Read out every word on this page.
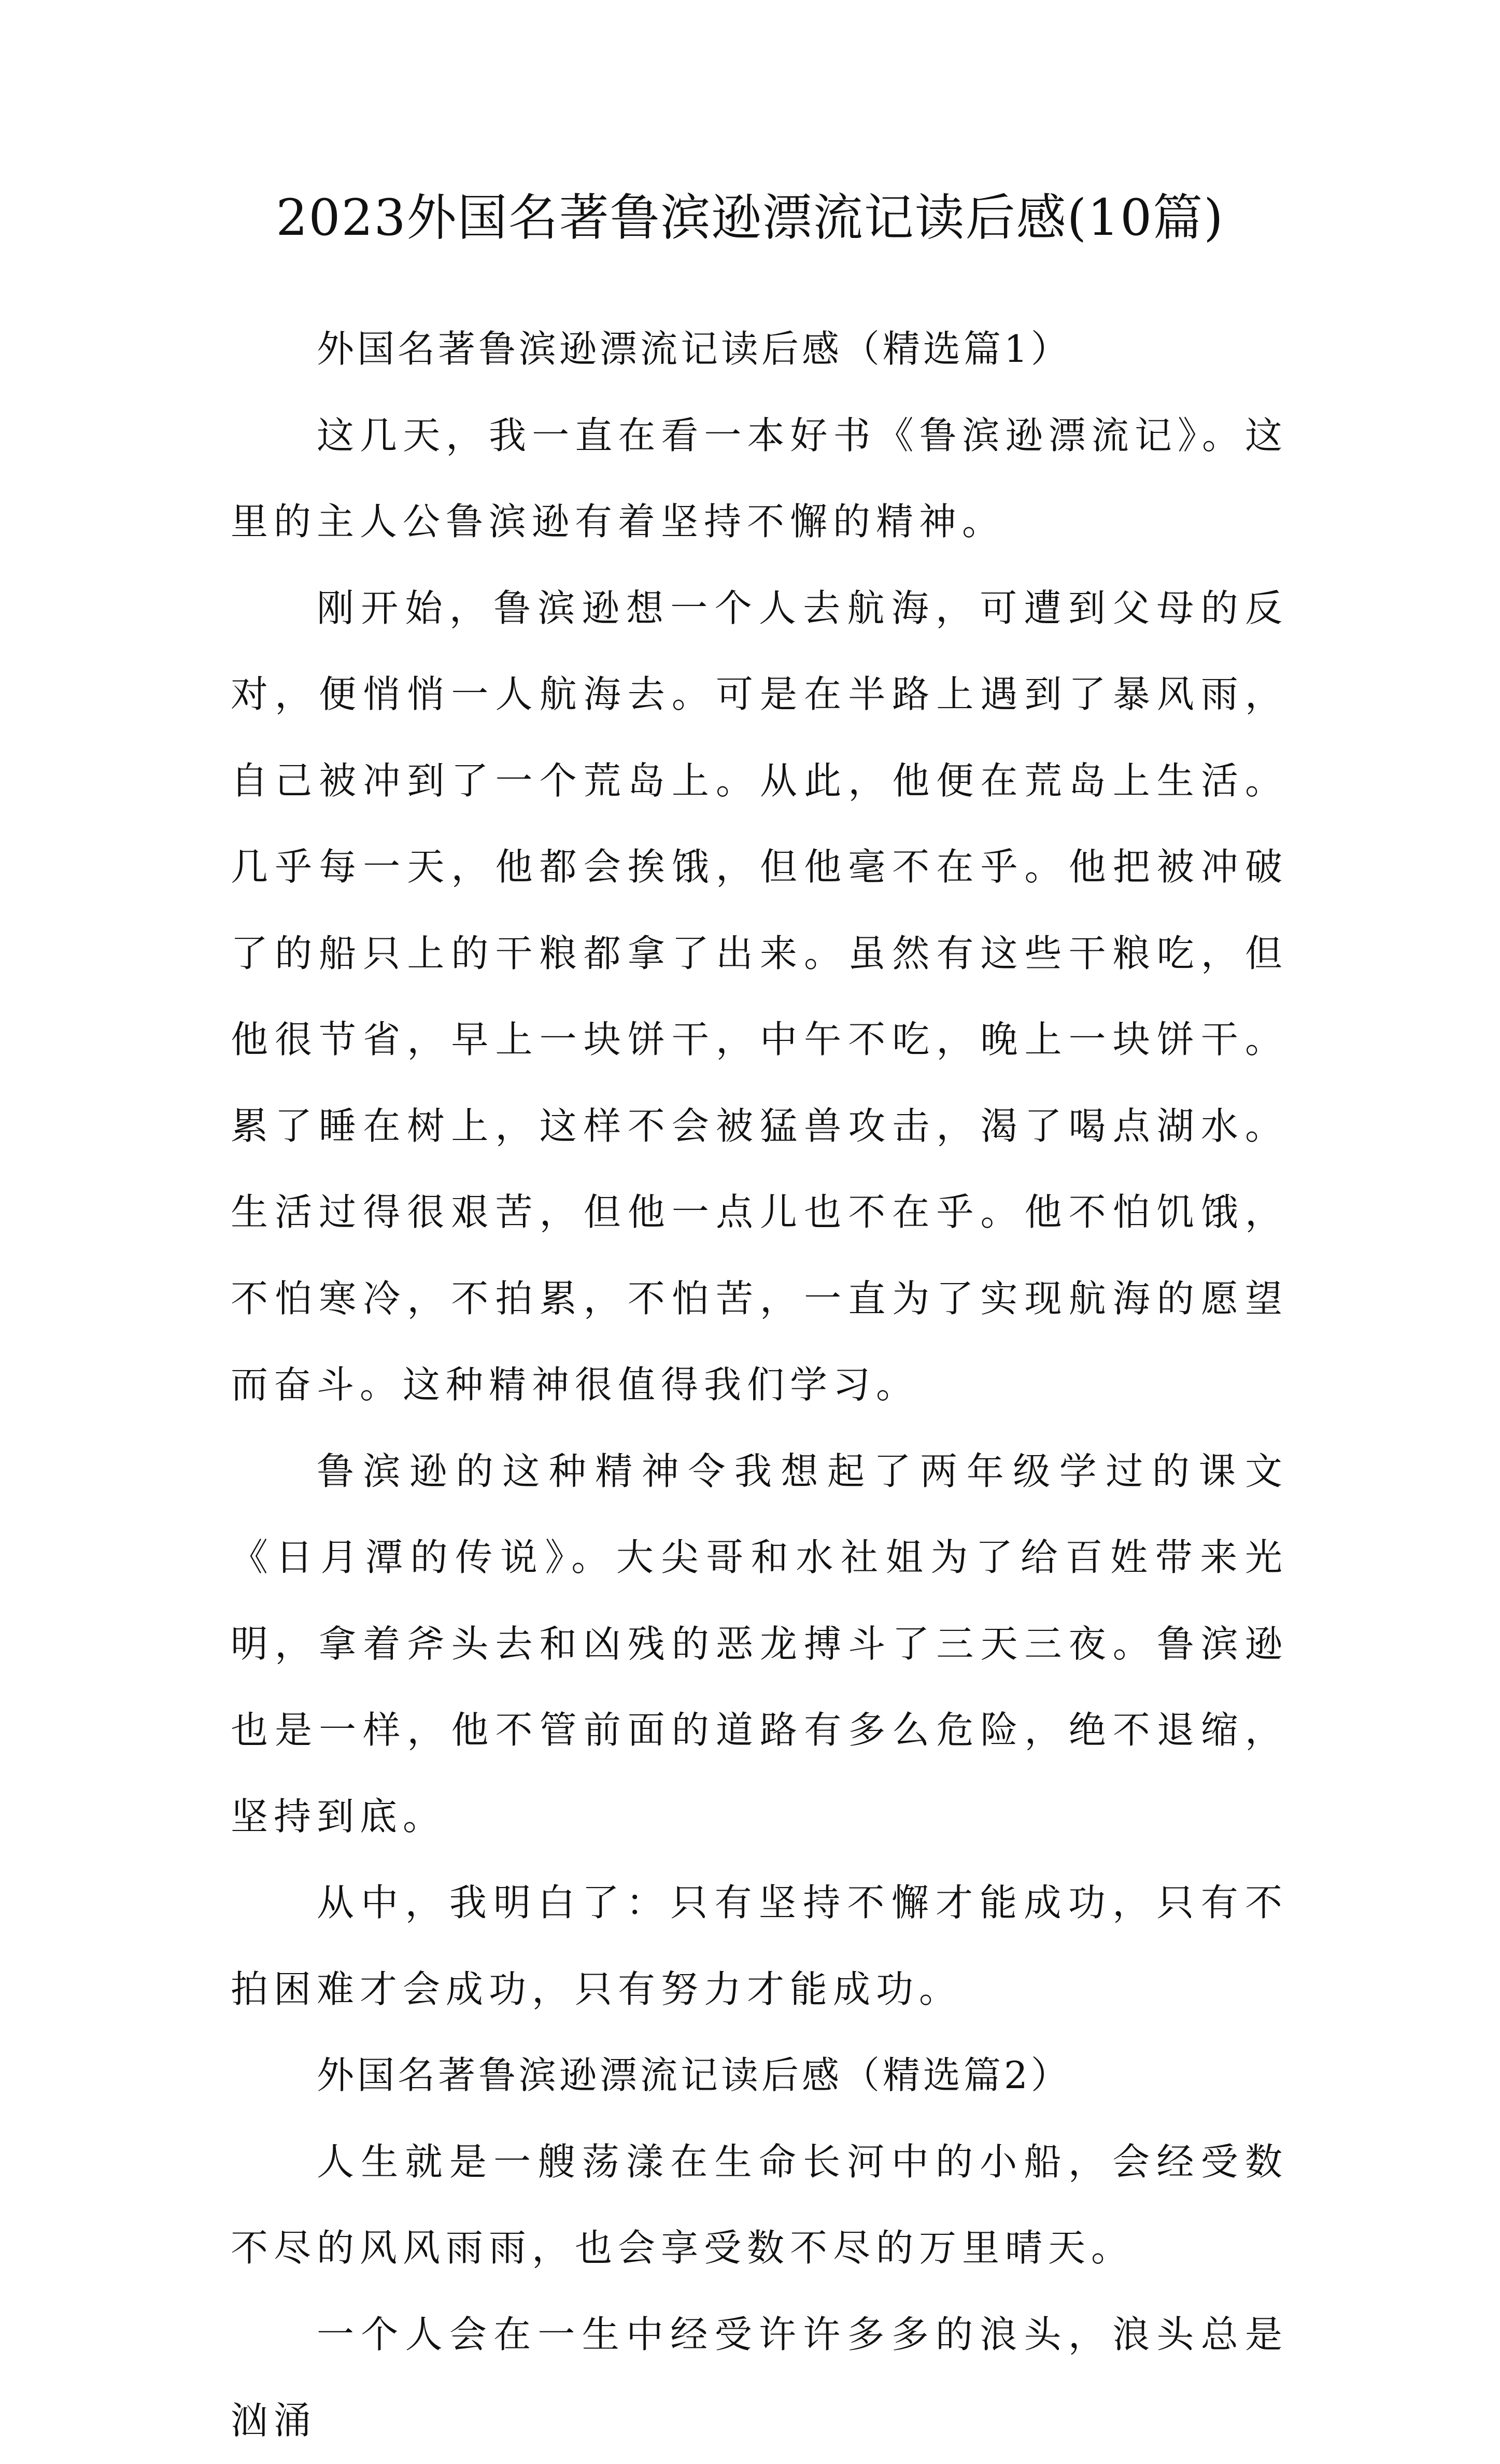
2023外国名著鲁滨逊漂流记读后感(10篇)

外国名著鲁滨逊漂流记读后感（精选篇1）

这几天，我一直在看一本好书《鲁滨逊漂流记》。这里的主人公鲁滨逊有着坚持不懈的精神。

刚开始，鲁滨逊想一个人去航海，可遭到父母的反对，便悄悄一人航海去。可是在半路上遇到了暴风雨，自己被冲到了一个荒岛上。从此，他便在荒岛上生活。几乎每一天，他都会挨饿，但他毫不在乎。他把被冲破了的船只上的干粮都拿了出来。虽然有这些干粮吃，但他很节省，早上一块饼干，中午不吃，晚上一块饼干。累了睡在树上，这样不会被猛兽攻击，渴了喝点湖水。生活过得很艰苦，但他一点儿也不在乎。他不怕饥饿，不怕寒冷，不拍累，不怕苦，一直为了实现航海的愿望而奋斗。这种精神很值得我们学习。

鲁滨逊的这种精神令我想起了两年级学过的课文《日月潭的传说》。大尖哥和水社姐为了给百姓带来光明，拿着斧头去和凶残的恶龙搏斗了三天三夜。鲁滨逊也是一样，他不管前面的道路有多么危险，绝不退缩，坚持到底。

从中，我明白了：只有坚持不懈才能成功，只有不拍困难才会成功，只有努力才能成功。

外国名著鲁滨逊漂流记读后感（精选篇2）

人生就是一艘荡漾在生命长河中的小船，会经受数不尽的风风雨雨，也会享受数不尽的万里晴天。

一个人会在一生中经受许许多多的浪头，浪头总是汹涌
